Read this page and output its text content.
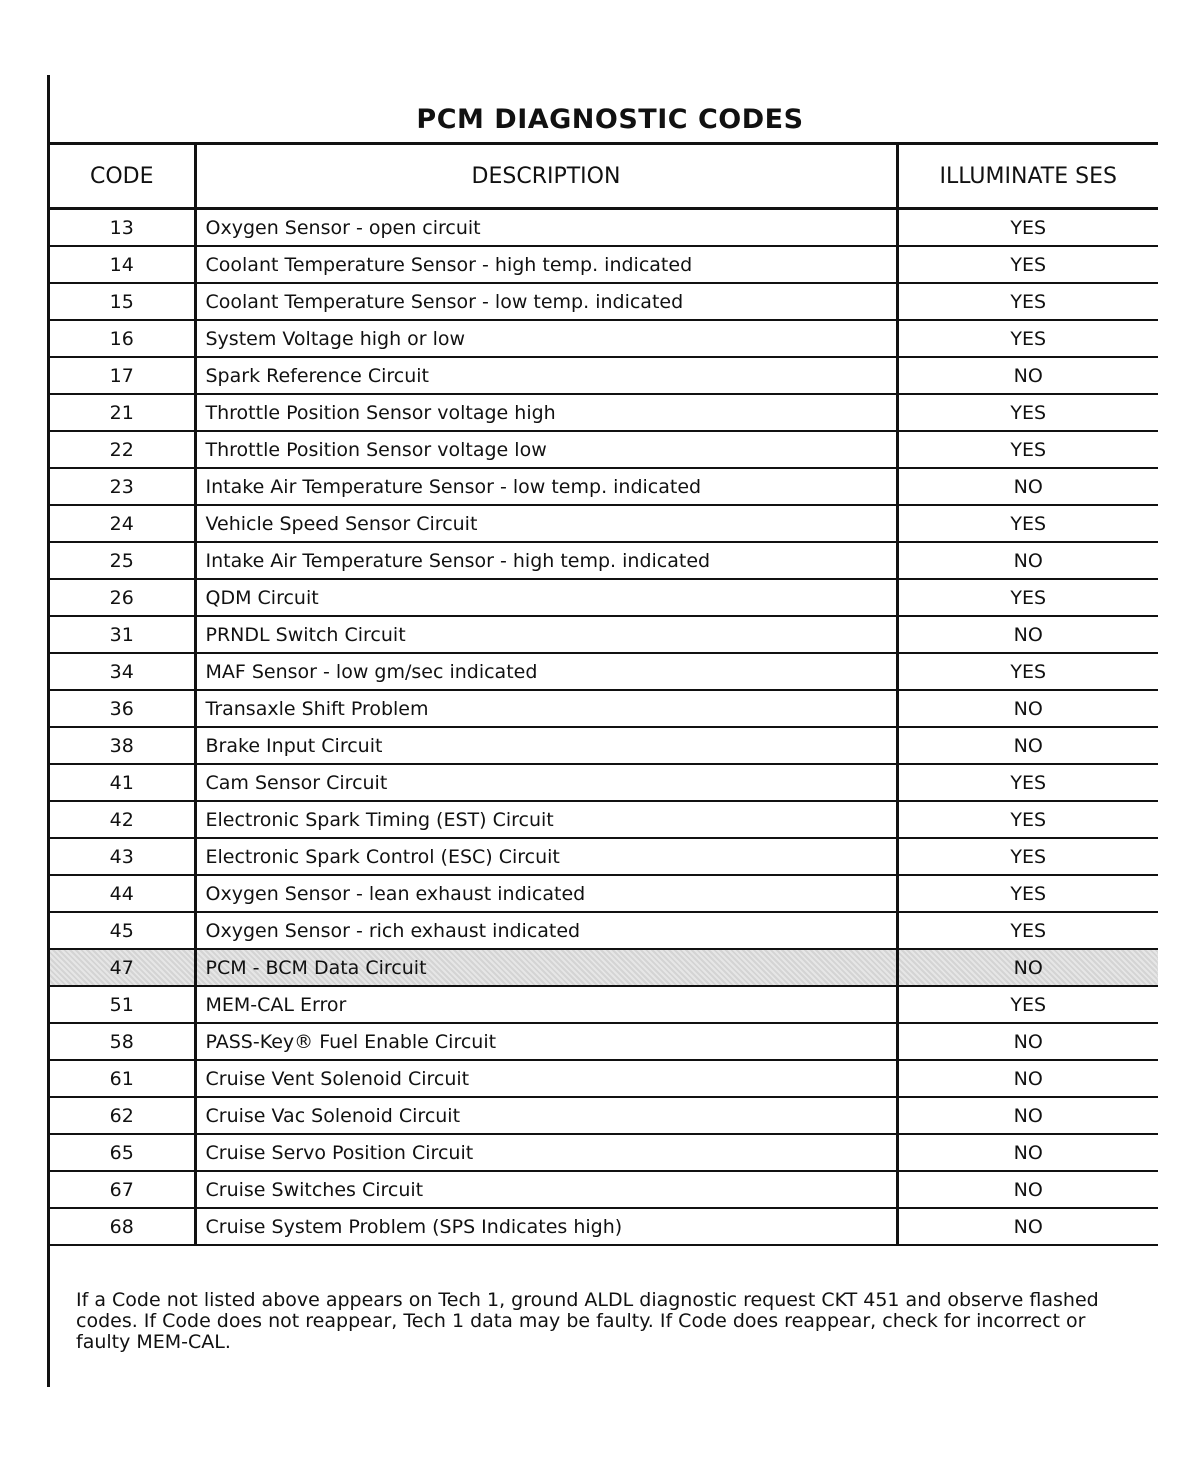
PCM DIAGNOSTIC CODES
CODE	DESCRIPTION	ILLUMINATE SES
13	Oxygen Sensor - open circuit	YES
14	Coolant Temperature Sensor - high temp. indicated	YES
15	Coolant Temperature Sensor - low temp. indicated	YES
16	System Voltage high or low	YES
17	Spark Reference Circuit	NO
21	Throttle Position Sensor voltage high	YES
22	Throttle Position Sensor voltage low	YES
23	Intake Air Temperature Sensor - low temp. indicated	NO
24	Vehicle Speed Sensor Circuit	YES
25	Intake Air Temperature Sensor - high temp. indicated	NO
26	QDM Circuit	YES
31	PRNDL Switch Circuit	NO
34	MAF Sensor - low gm/sec indicated	YES
36	Transaxle Shift Problem	NO
38	Brake Input Circuit	NO
41	Cam Sensor Circuit	YES
42	Electronic Spark Timing (EST) Circuit	YES
43	Electronic Spark Control (ESC) Circuit	YES
44	Oxygen Sensor - lean exhaust indicated	YES
45	Oxygen Sensor - rich exhaust indicated	YES
47	PCM - BCM Data Circuit	NO
51	MEM-CAL Error	YES
58	PASS-Key® Fuel Enable Circuit	NO
61	Cruise Vent Solenoid Circuit	NO
62	Cruise Vac Solenoid Circuit	NO
65	Cruise Servo Position Circuit	NO
67	Cruise Switches Circuit	NO
68	Cruise System Problem (SPS Indicates high)	NO
If a Code not listed above appears on Tech 1, ground ALDL diagnostic request CKT 451 and observe flashed codes. If Code does not reappear, Tech 1 data may be faulty. If Code does reappear, check for incorrect or faulty MEM-CAL.
